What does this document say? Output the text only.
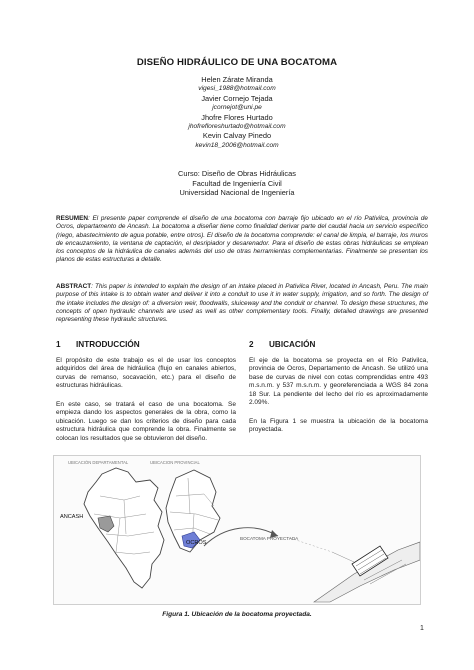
DISEÑO HIDRÁULICO DE UNA BOCATOMA
Helen Zárate Miranda
vigesi_1988@hotmail.com
Javier Cornejo Tejada
jcornejot@uni.pe
Jhofre Flores Hurtado
jhofrefloreshurtado@hotmail.com
Kevin Calvay Pinedo
kevin18_2006@hotmail.com
Curso: Diseño de Obras Hidráulicas
Facultad de Ingeniería Civil
Universidad Nacional de Ingeniería
RESUMEN: El presente paper comprende el diseño de una bocatoma con barraje fijo ubicado en el río Pativilca, provincia de Ocros, departamento de Ancash. La bocatoma a diseñar tiene como finalidad derivar parte del caudal hacia un servicio específico (riego, abastecimiento de agua potable, entre otros). El diseño de la bocatoma comprende: el canal de limpia, el barraje, los muros de encauzamiento, la ventana de captación, el desripiador y desarenador. Para el diseño de estas obras hidráulicas se emplean los conceptos de la hidráulica de canales además del uso de otras herramientas complementarias. Finalmente se presentan los planos de estas estructuras a detalle.
ABSTRACT: This paper is intended to explain the design of an intake placed in Pativilca River, located in Ancash, Peru. The main purpose of this intake is to obtain water and deliver it into a conduit to use it in water supply, irrigation, and so forth. The design of the intake includes the design of: a diversion weir, floodwalls, sluiceway and the conduit or channel. To design these structures, the concepts of open hydraulic channels are used as well as other complementary tools. Finally, detailed drawings are presented representing these hydraulic structures.
1 INTRODUCCIÓN
El propósito de este trabajo es el de usar los conceptos adquiridos del área de hidráulica (flujo en canales abiertos, curvas de remanso, socavación, etc.) para el diseño de estructuras hidráulicas.
En este caso, se tratará el caso de una bocatoma. Se empieza dando los aspectos generales de la obra, como la ubicación. Luego se dan los criterios de diseño para cada estructura hidráulica que comprende la obra. Finalmente se colocan los resultados que se obtuvieron del diseño.
2 UBICACIÓN
El eje de la bocatoma se proyecta en el Río Pativilca, provincia de Ocros, Departamento de Ancash. Se utilizó una base de curvas de nivel con cotas comprendidas entre 493 m.s.n.m. y 537 m.s.n.m. y georeferenciada a WGS 84 zona 18 Sur. La pendiente del lecho del río es aproximadamente 2.09%.
En la Figura 1 se muestra la ubicación de la bocatoma proyectada.
UBICACIÓN DEPARTAMENTAL	UBICACION PROVINCIAL
ANCASH
OCROS
BOCATOMA PROYECTADA
Figura 1. Ubicación de la bocatoma proyectada.
1
